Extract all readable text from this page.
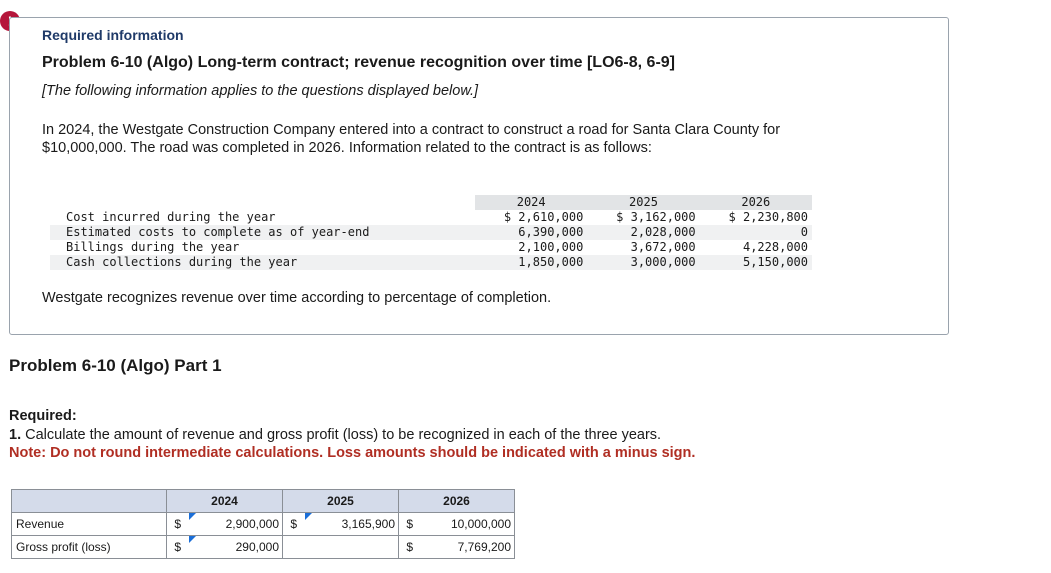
Required information
Problem 6-10 (Algo) Long-term contract; revenue recognition over time [LO6-8, 6-9]
[The following information applies to the questions displayed below.]
In 2024, the Westgate Construction Company entered into a contract to construct a road for Santa Clara County for $10,000,000. The road was completed in 2026. Information related to the contract is as follows:
	2024	2025	2026
Cost incurred during the year	$ 2,610,000	$ 3,162,000	$ 2,230,800
Estimated costs to complete as of year-end	6,390,000	2,028,000	0
Billings during the year	2,100,000	3,672,000	4,228,000
Cash collections during the year	1,850,000	3,000,000	5,150,000
Westgate recognizes revenue over time according to percentage of completion.
Problem 6-10 (Algo) Part 1
Required:
1. Calculate the amount of revenue and gross profit (loss) to be recognized in each of the three years.
Note: Do not round intermediate calculations. Loss amounts should be indicated with a minus sign.
	2024		2025		2026	
Revenue	$	2,900,000	$	3,165,900	$	10,000,000
Gross profit (loss)	$	290,000			$	7,769,200
